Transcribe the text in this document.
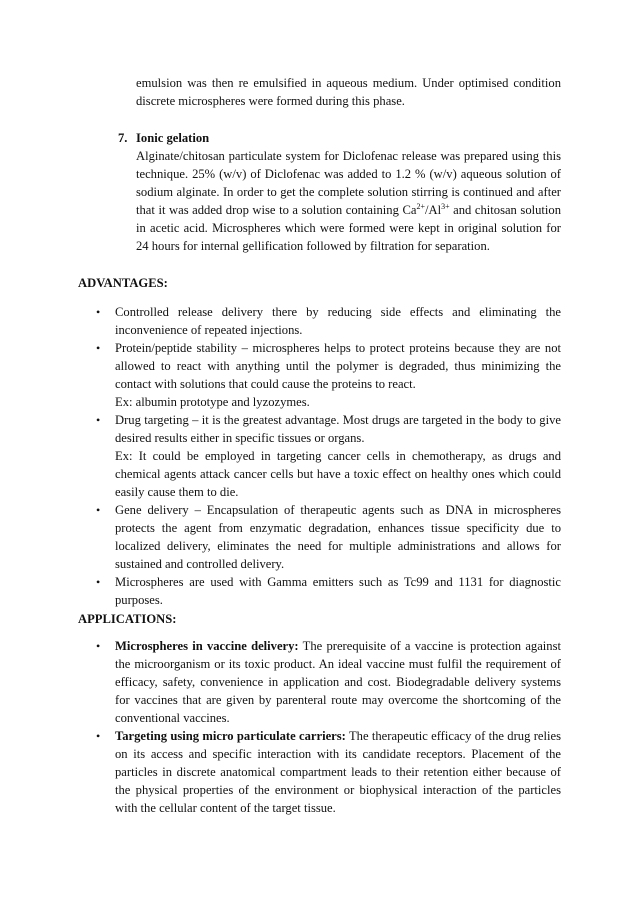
emulsion was then re emulsified in aqueous medium. Under optimised condition discrete microspheres were formed during this phase.
7. Ionic gelation
Alginate/chitosan particulate system for Diclofenac release was prepared using this technique. 25% (w/v) of Diclofenac was added to 1.2 % (w/v) aqueous solution of sodium alginate. In order to get the complete solution stirring is continued and after that it was added drop wise to a solution containing $Ca^{2+}/Al^{3+}$ and chitosan solution in acetic acid. Microspheres which were formed were kept in original solution for 24 hours for internal gellification followed by filtration for separation.
ADVANTAGES:
• Controlled release delivery there by reducing side effects and eliminating the inconvenience of repeated injections.
• Protein/peptide stability – microspheres helps to protect proteins because they are not allowed to react with anything until the polymer is degraded, thus minimizing the contact with solutions that could cause the proteins to react.
Ex: albumin prototype and lyzozymes.
• Drug targeting – it is the greatest advantage. Most drugs are targeted in the body to give desired results either in specific tissues or organs.
Ex: It could be employed in targeting cancer cells in chemotherapy, as drugs and chemical agents attack cancer cells but have a toxic effect on healthy ones which could easily cause them to die.
• Gene delivery – Encapsulation of therapeutic agents such as DNA in microspheres protects the agent from enzymatic degradation, enhances tissue specificity due to localized delivery, eliminates the need for multiple administrations and allows for sustained and controlled delivery.
• Microspheres are used with Gamma emitters such as Tc99 and 1131 for diagnostic purposes.
APPLICATIONS:
• Microspheres in vaccine delivery: The prerequisite of a vaccine is protection against the microorganism or its toxic product. An ideal vaccine must fulfil the requirement of efficacy, safety, convenience in application and cost. Biodegradable delivery systems for vaccines that are given by parenteral route may overcome the shortcoming of the conventional vaccines.
• Targeting using micro particulate carriers: The therapeutic efficacy of the drug relies on its access and specific interaction with its candidate receptors. Placement of the particles in discrete anatomical compartment leads to their retention either because of the physical properties of the environment or biophysical interaction of the particles with the cellular content of the target tissue.
